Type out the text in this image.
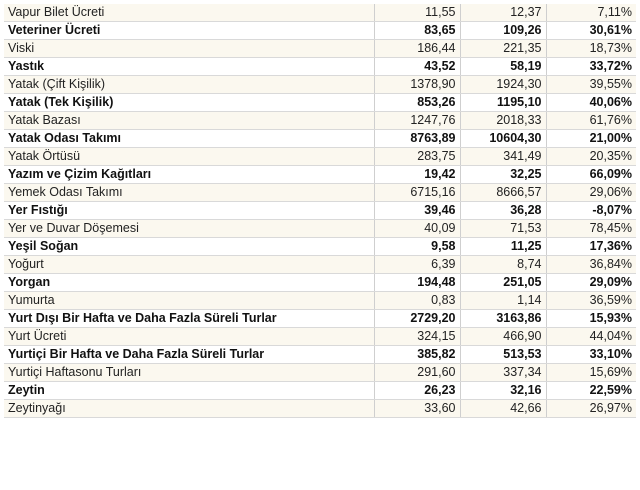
Vapur Bilet Ücreti	11,55	12,37	7,11%
Veteriner Ücreti	83,65	109,26	30,61%
Viski	186,44	221,35	18,73%
Yastık	43,52	58,19	33,72%
Yatak (Çift Kişilik)	1378,90	1924,30	39,55%
Yatak (Tek Kişilik)	853,26	1195,10	40,06%
Yatak Bazası	1247,76	2018,33	61,76%
Yatak Odası Takımı	8763,89	10604,30	21,00%
Yatak Örtüsü	283,75	341,49	20,35%
Yazım ve Çizim Kağıtları	19,42	32,25	66,09%
Yemek Odası Takımı	6715,16	8666,57	29,06%
Yer Fıstığı	39,46	36,28	-8,07%
Yer ve Duvar Döşemesi	40,09	71,53	78,45%
Yeşil Soğan	9,58	11,25	17,36%
Yoğurt	6,39	8,74	36,84%
Yorgan	194,48	251,05	29,09%
Yumurta	0,83	1,14	36,59%
Yurt Dışı Bir Hafta ve Daha Fazla Süreli Turlar	2729,20	3163,86	15,93%
Yurt Ücreti	324,15	466,90	44,04%
Yurtiçi Bir Hafta ve Daha Fazla Süreli Turlar	385,82	513,53	33,10%
Yurtiçi Haftasonu Turları	291,60	337,34	15,69%
Zeytin	26,23	32,16	22,59%
Zeytinyağı	33,60	42,66	26,97%
